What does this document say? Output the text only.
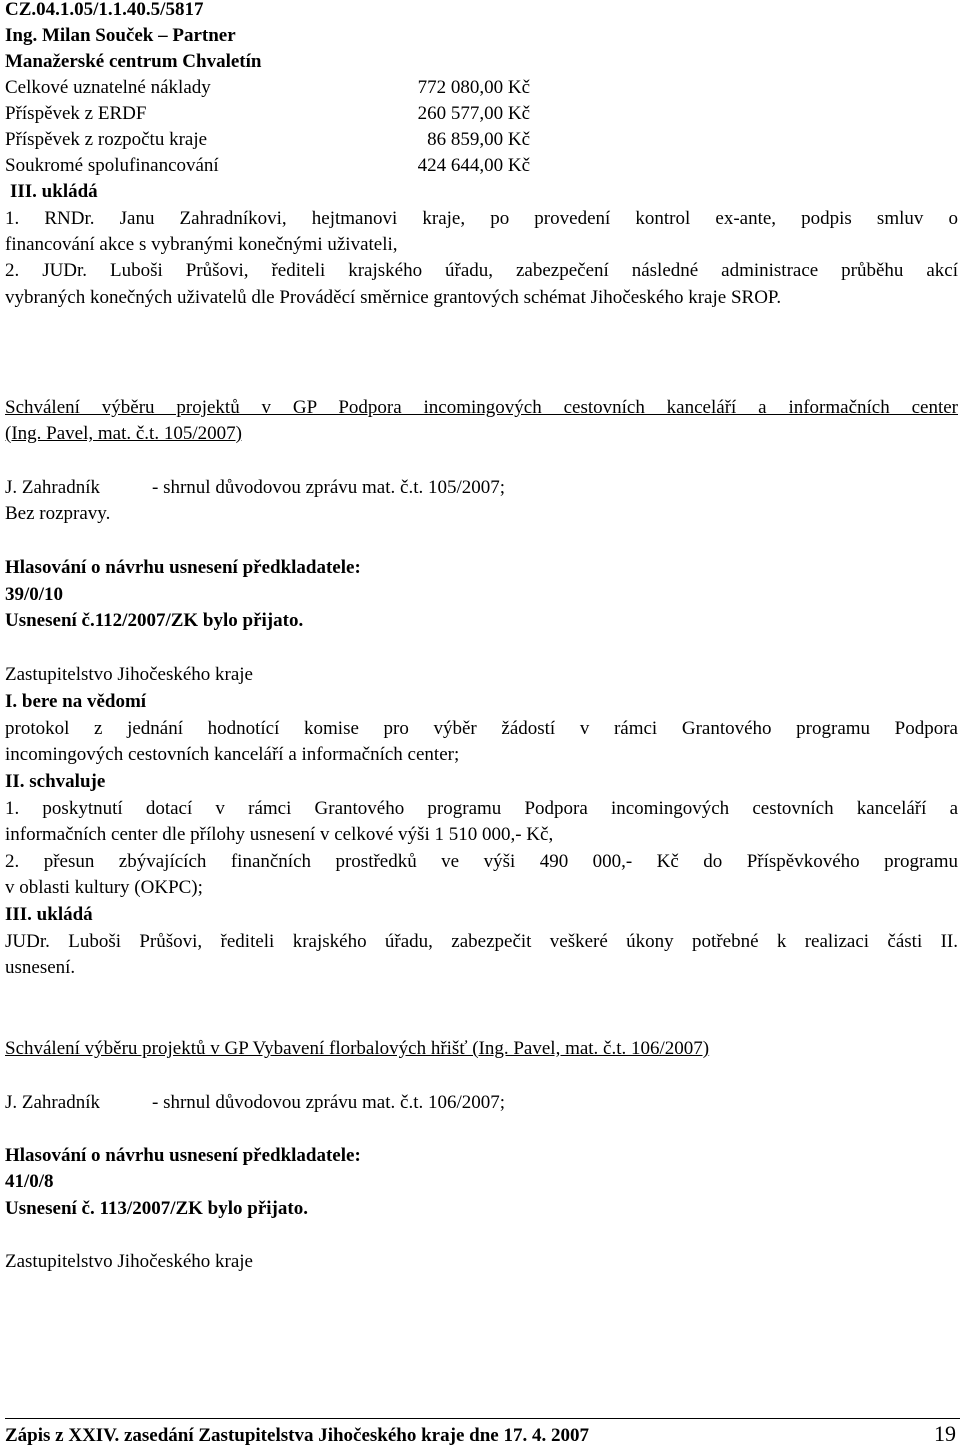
CZ.04.1.05/1.1.40.5/5817
Ing. Milan Souček – Partner
Manažerské centrum Chvaletín
Celkové uznatelné náklady	772 080,00 Kč
Příspěvek z ERDF	260 577,00 Kč
Příspěvek z rozpočtu kraje	86 859,00 Kč
Soukromé spolufinancování	424 644,00 Kč
III. ukládá
1. RNDr. Janu Zahradníkovi, hejtmanovi kraje, po provedení kontrol ex-ante, podpis smluv o
financování akce s vybranými konečnými uživateli,
2. JUDr. Luboši Průšovi, řediteli krajského úřadu, zabezpečení následné administrace průběhu akcí
vybraných konečných uživatelů dle Prováděcí směrnice grantových schémat Jihočeského kraje SROP.
Schválení výběru projektů v GP Podpora incomingových cestovních kanceláří a informačních center
(Ing. Pavel, mat. č.t. 105/2007)
J. Zahradník	- shrnul důvodovou zprávu mat. č.t. 105/2007;
Bez rozpravy.
Hlasování o návrhu usnesení předkladatele:
39/0/10
Usnesení č.112/2007/ZK bylo přijato.
Zastupitelstvo Jihočeského kraje
I. bere na vědomí
protokol z jednání hodnotící komise pro výběr žádostí v rámci Grantového programu Podpora
incomingových cestovních kanceláří a informačních center;
II. schvaluje
1. poskytnutí dotací v rámci Grantového programu Podpora incomingových cestovních kanceláří a
informačních center dle přílohy usnesení v celkové výši 1 510 000,- Kč,
2. přesun zbývajících finančních prostředků ve výši 490 000,- Kč do Příspěvkového programu
v oblasti kultury (OKPC);
III. ukládá
JUDr. Luboši Průšovi, řediteli krajského úřadu, zabezpečit veškeré úkony potřebné k realizaci části II.
usnesení.
Schválení výběru projektů v GP Vybavení florbalových hřišť (Ing. Pavel, mat. č.t. 106/2007)
J. Zahradník	- shrnul důvodovou zprávu mat. č.t. 106/2007;
Hlasování o návrhu usnesení předkladatele:
41/0/8
Usnesení č. 113/2007/ZK bylo přijato.
Zastupitelstvo Jihočeského kraje
Zápis z XXIV. zasedání Zastupitelstva Jihočeského kraje dne 17. 4. 2007	19
